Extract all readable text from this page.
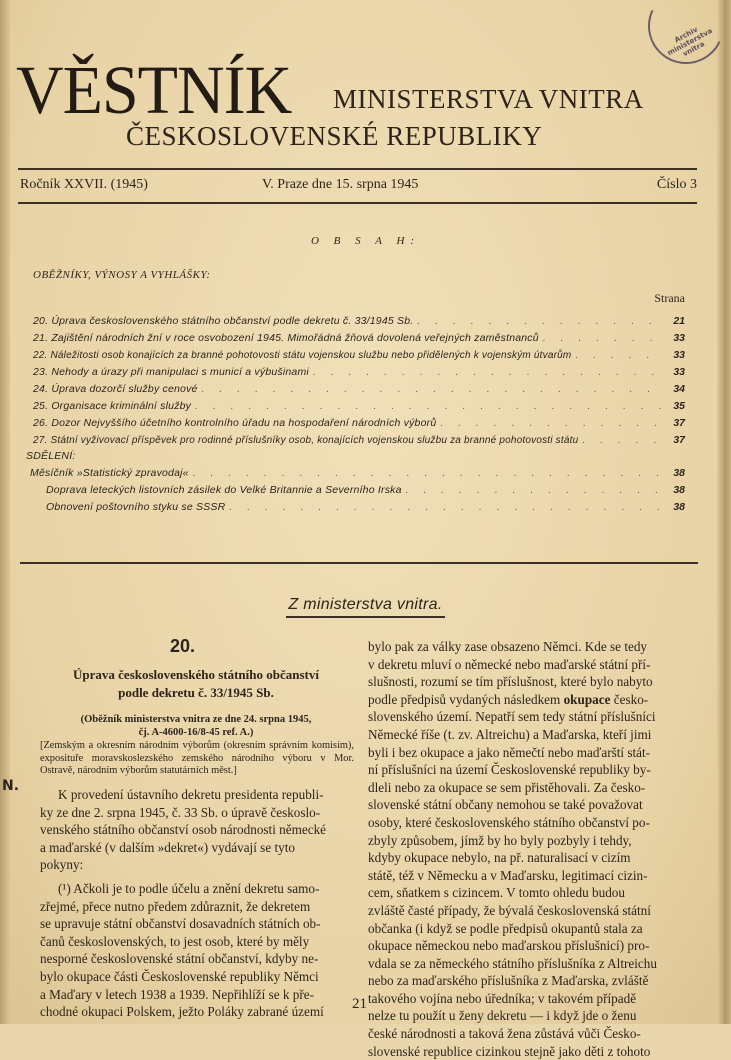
Archiv ministerstva vnitra
VĚSTNÍK MINISTERSTVA VNITRA
ČESKOSLOVENSKÉ REPUBLIKY
Ročník XXVII. (1945)	V. Praze dne 15. srpna 1945	Číslo 3
O B S A H:
OBĚŽNÍKY, VÝNOSY A VYHLÁŠKY:
Strana
20. Úprava československého státního občanství podle dekretu č. 33/1945 Sb. . . .	21
21. Zajištění národních žní v roce osvobození 1945. Mimořádná žňová dovolená veřejných zaměstnanců . . .	33
22. Náležitosti osob konajících za branné pohotovosti státu vojenskou službu nebo přidělených k vojenským útvarům . . .	33
23. Nehody a úrazy při manipulaci s municí a výbušinami . . .	33
24. Úprava dozorčí služby cenové . . .	34
25. Organisace kriminální služby . . .	35
26. Dozor Nejvyššího účetního kontrolního úřadu na hospodaření národních výborů . . .	37
27. Státní vyživovací příspěvek pro rodinné příslušníky osob, konajících vojenskou službu za branné pohotovosti státu . . .	37
SDĚLENÍ:
Měsíčník »Statistický zpravodaj« . . .	38
Doprava leteckých listovních zásilek do Velké Britannie a Severního Irska . . .	38
Obnovení poštovního styku se SSSR . . .	38
Z ministerstva vnitra.
20.
Úprava československého státního občanství
podle dekretu č. 33/1945 Sb.
(Oběžník ministerstva vnitra ze dne 24. srpna 1945,
čj. A-4600-16/8-45 ref. A.)
[Zemským a okresním národním výborům (okresním správním komisím), exposituře moravskoslezského zemského národního výboru v Mor. Ostravě, národním výborům statutárních měst.]
N.
K provedení ústavního dekretu presidenta republi-
ky ze dne 2. srpna 1945, č. 33 Sb. o úpravě českoslo-
venského státního občanství osob národnosti německé
a maďarské (v dalším »dekret«) vydávají se tyto
pokyny:
(¹) Ačkoli je to podle účelu a znění dekretu samo-
zřejmé, přece nutno předem zdůraznit, že dekretem
se upravuje státní občanství dosavadních státních ob-
čanů československých, to jest osob, které by měly
nesporné československé státní občanství, kdyby ne-
bylo okupace části Československé republiky Němci
a Maďary v letech 1938 a 1939. Nepřihlíží se k pře-
chodné okupaci Polskem, ježto Poláky zabrané území
bylo pak za války zase obsazeno Němci. Kde se tedy
v dekretu mluví o německé nebo maďarské státní pří-
slušnosti, rozumí se tím příslušnost, které bylo nabyto
podle předpisů vydaných následkem okupace česko-
slovenského území. Nepatří sem tedy státní příslušníci
Německé říše (t. zv. Altreichu) a Maďarska, kteří jimi
byli i bez okupace a jako němečtí nebo maďarští stát-
ní příslušníci na území Československé republiky by-
dleli nebo za okupace se sem přistěhovali. Za česko-
slovenské státní občany nemohou se také považovat
osoby, které československého státního občanství po-
zbyly způsobem, jímž by ho byly pozbyly i tehdy,
kdyby okupace nebylo, na př. naturalisací v cizím
státě, též v Německu a v Maďarsku, legitimací cizin-
cem, sňatkem s cizincem. V tomto ohledu budou
zvláště časté případy, že bývalá československá státní
občanka (i když se podle předpisů okupantů stala za
okupace německou nebo maďarskou příslušnicí) pro-
vdala se za německého státního příslušníka z Altreichu
nebo za maďarského příslušníka z Maďarska, zvláště
takového vojína nebo úředníka; v takovém případě
nelze tu použít u ženy dekretu — i když jde o ženu
české národnosti a taková žena zůstává vůči Česko-
slovenské republice cizinkou stejně jako děti z tohoto
21
